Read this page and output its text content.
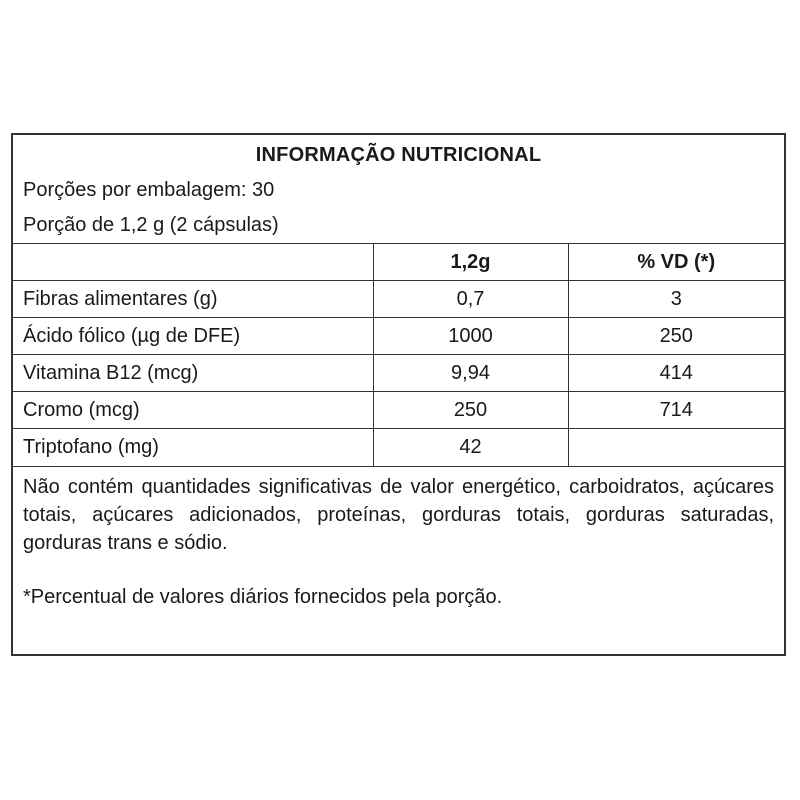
INFORMAÇÃO NUTRICIONAL
Porções por embalagem: 30
Porção de 1,2 g (2 cápsulas)
	1,2g	% VD (*)
Fibras alimentares (g)	0,7	3
Ácido fólico (µg de DFE)	1000	250
Vitamina B12 (mcg)	9,94	414
Cromo (mcg)	250	714
Triptofano (mg)	42	
Não contém quantidades significativas de valor energético, carboidratos, açúcares totais, açúcares adicionados, proteínas, gorduras totais, gorduras saturadas, gorduras trans e sódio.
*Percentual de valores diários fornecidos pela porção.
